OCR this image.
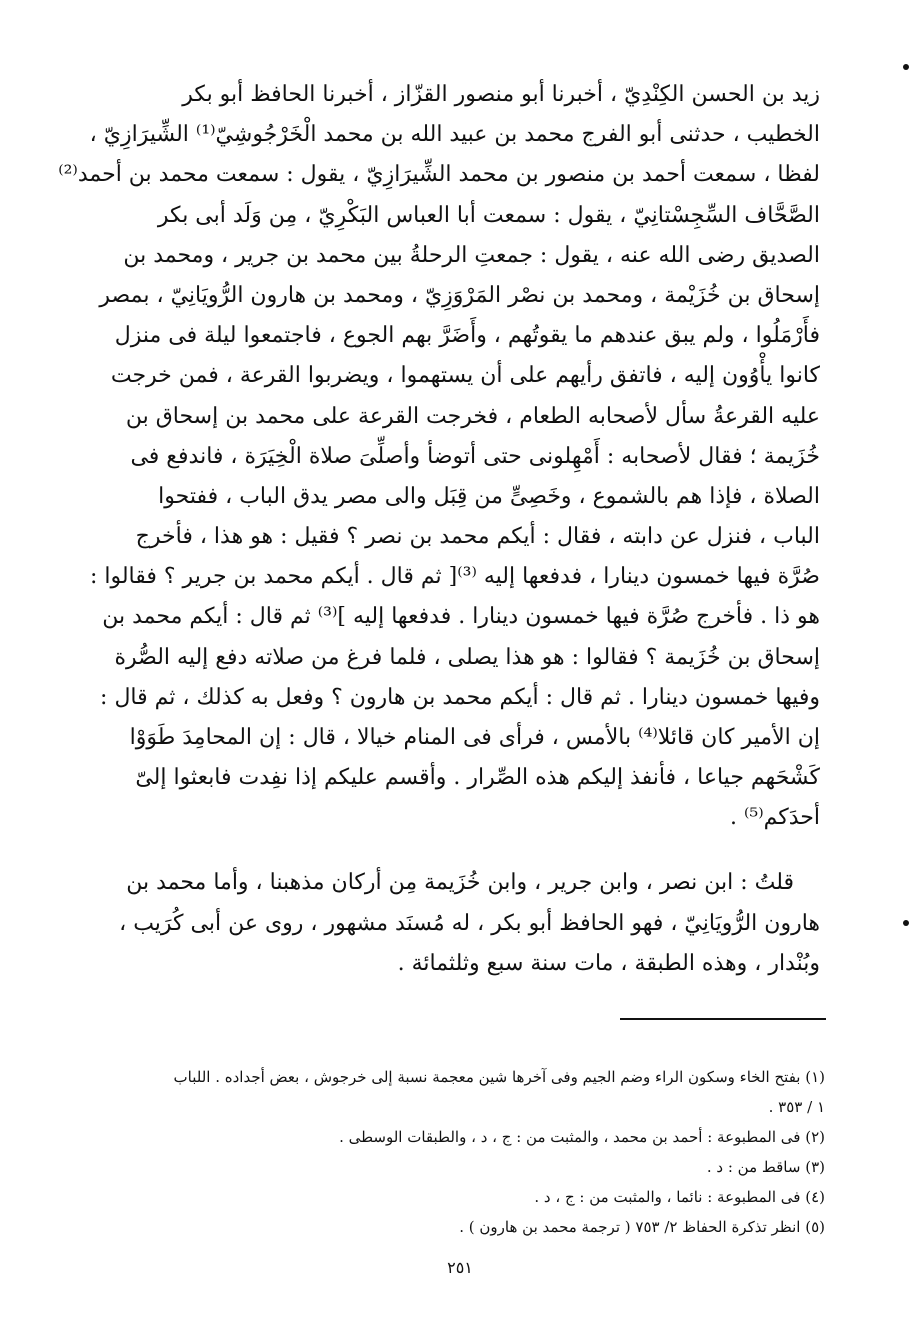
زيد بن الحسن الكِنْدِيّ ، أخبرنا أبو منصور القزّاز ، أخبرنا الحافظ أبو بكر
الخطيب ، حدثنى أبو الفرج محمد بن عبيد الله بن محمد الْخَرْجُوشِيّ⁽¹⁾ الشِّيرَازِيّ ،
لفظا ، سمعت أحمد بن منصور بن محمد الشِّيرَازِيّ ، يقول : سمعت محمد بن أحمد⁽²⁾
الصَّحَّاف السِّجِسْتانِيّ ، يقول : سمعت أبا العباس البَكْرِيّ ، مِن وَلَد أبى بكر
الصديق رضى الله عنه ، يقول : جمعتِ الرحلةُ بين محمد بن جرير ، ومحمد بن
إسحاق بن خُزَيْمة ، ومحمد بن نصْر المَرْوَزِيّ ، ومحمد بن هارون الرُّويَانِيّ ، بمصر
فأَرْمَلُوا ، ولم يبق عندهم ما يقوتُهم ، وأَضَرَّ بهم الجوع ، فاجتمعوا ليلة فى منزل
كانوا يأْوُون إليه ، فاتفق رأيهم على أن يستهموا ، ويضربوا القرعة ، فمن خرجت
عليه القرعةُ سأل لأصحابه الطعام ، فخرجت القرعة على محمد بن إسحاق بن
خُزَيمة ؛ فقال لأصحابه : أَمْهِلونى حتى أتوضأ وأصلِّىَ صلاة الْخِيَرَة ، فاندفع فى
الصلاة ، فإذا هم بالشموع ، وخَصِىٍّ من قِبَل والى مصر يدق الباب ، ففتحوا
الباب ، فنزل عن دابته ، فقال : أيكم محمد بن نصر ؟ فقيل : هو هذا ، فأخرج
صُرَّة فيها خمسون دينارا ، فدفعها إليه ⁽³⁾[ ثم قال . أيكم محمد بن جرير ؟ فقالوا :
هو ذا . فأخرج صُرَّة فيها خمسون دينارا . فدفعها إليه ]⁽³⁾ ثم قال : أيكم محمد بن
إسحاق بن خُزَيمة ؟ فقالوا : هو هذا يصلى ، فلما فرغ من صلاته دفع إليه الصُّرة
وفيها خمسون دينارا . ثم قال : أيكم محمد بن هارون ؟ وفعل به كذلك ، ثم قال :
إن الأمير كان قائلا⁽⁴⁾ بالأمس ، فرأى فى المنام خيالا ، قال : إن المحامِدَ طَوَوْا
كَشْحَهم جياعا ، فأنفذ إليكم هذه الصِّرار . وأقسم عليكم إذا نفِدت فابعثوا إلىّ
أحدَكم⁽⁵⁾ .
قلتُ : ابن نصر ، وابن جرير ، وابن خُزَيمة مِن أركان مذهبنا ، وأما محمد بن
هارون الرُّويَانِيّ ، فهو الحافظ أبو بكر ، له مُسنَد مشهور ، روى عن أبى كُرَيب ،
وبُنْدار ، وهذه الطبقة ، مات سنة سبع وثلثمائة .
(١) بفتح الخاء وسكون الراء وضم الجيم وفى آخرها شين معجمة نسبة إلى خرجوش ، بعض أجداده . اللباب
١ / ٣٥٣ .
(٢) فى المطبوعة : أحمد بن محمد ، والمثبت من : ج ، د ، والطبقات الوسطى .
(٣) ساقط من : د .
(٤) فى المطبوعة : نائما ، والمثبت من : ج ، د .
(٥) انظر تذكرة الحفاظ ٢/ ٧٥٣ ( ترجمة محمد بن هارون ) .
٢٥١
